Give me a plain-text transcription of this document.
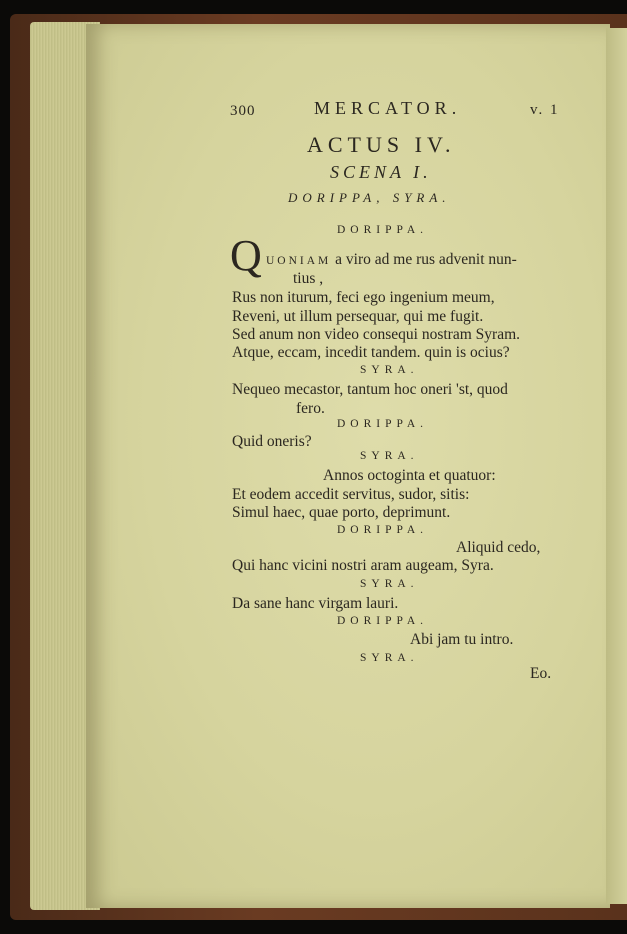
300	MERCATOR.	v. 1
ACTUS IV.
SCENA I.
DORIPPA, SYRA.
DORIPPA.
Q UONIAM a viro ad me rus advenit nun-
tius ,
Rus non iturum, feci ego ingenium meum,
Reveni, ut illum persequar, qui me fugit.
Sed anum non video consequi nostram Syram.
Atque, eccam, incedit tandem. quin is ocius?
SYRA.
Nequeo mecastor, tantum hoc oneri 'st, quod
fero.
DORIPPA.
Quid oneris?
SYRA.
Annos octoginta et quatuor:
Et eodem accedit servitus, sudor, sitis:
Simul haec, quae porto, deprimunt.
DORIPPA.
Aliquid cedo,
Qui hanc vicini nostri aram augeam, Syra.
SYRA.
Da sane hanc virgam lauri.
DORIPPA.
Abi jam tu intro.
SYRA.
Eo.
